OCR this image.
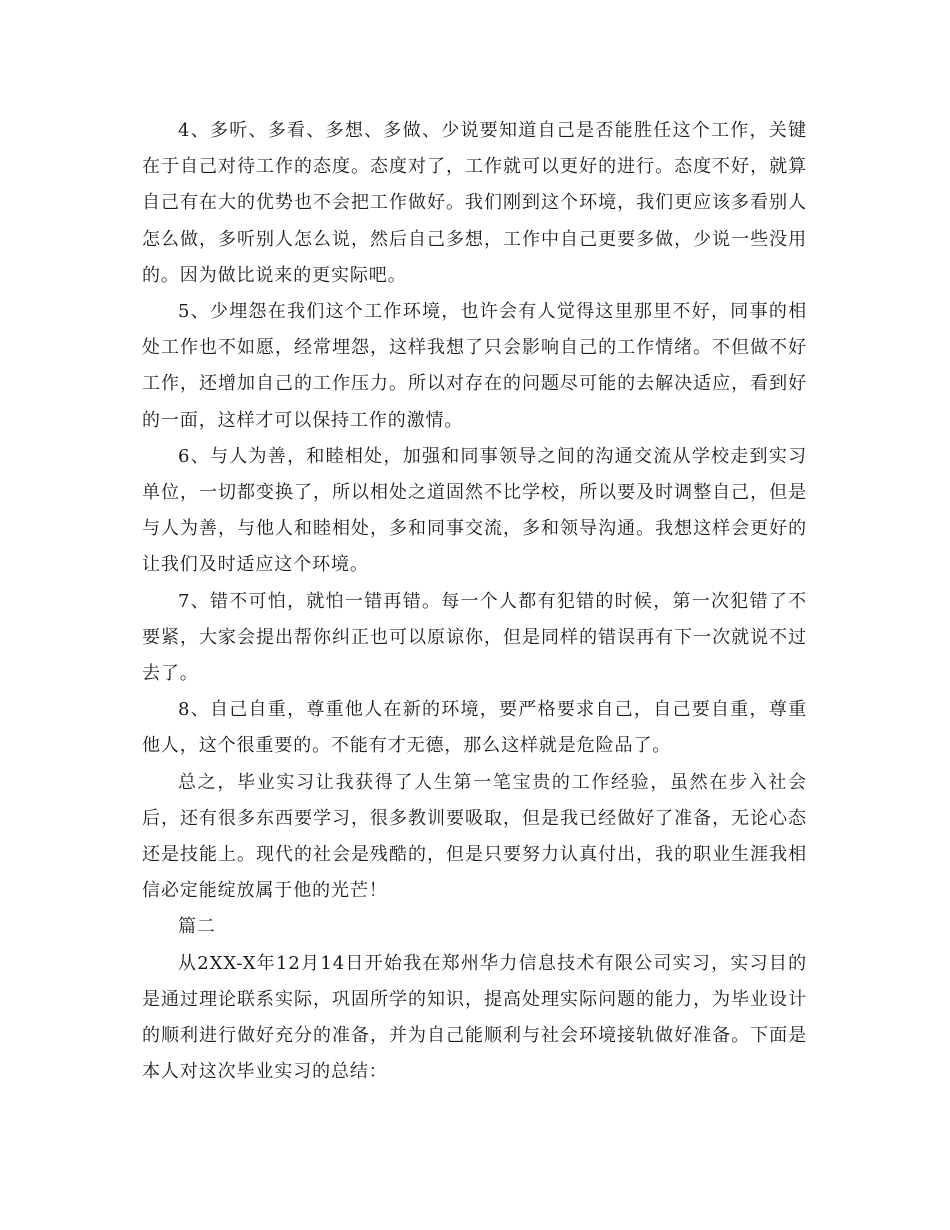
4、多听、多看、多想、多做、少说要知道自己是否能胜任这个工作，关键在于自己对待工作的态度。态度对了，工作就可以更好的进行。态度不好，就算自己有在大的优势也不会把工作做好。我们刚到这个环境，我们更应该多看别人怎么做，多听别人怎么说，然后自己多想，工作中自己更要多做，少说一些没用的。因为做比说来的更实际吧。

5、少埋怨在我们这个工作环境，也许会有人觉得这里那里不好，同事的相处工作也不如愿，经常埋怨，这样我想了只会影响自己的工作情绪。不但做不好工作，还增加自己的工作压力。所以对存在的问题尽可能的去解决适应，看到好的一面，这样才可以保持工作的激情。

6、与人为善，和睦相处，加强和同事领导之间的沟通交流从学校走到实习单位，一切都变换了，所以相处之道固然不比学校，所以要及时调整自己，但是与人为善，与他人和睦相处，多和同事交流，多和领导沟通。我想这样会更好的让我们及时适应这个环境。

7、错不可怕，就怕一错再错。每一个人都有犯错的时候，第一次犯错了不要紧，大家会提出帮你纠正也可以原谅你，但是同样的错误再有下一次就说不过去了。

8、自己自重，尊重他人在新的环境，要严格要求自己，自己要自重，尊重他人，这个很重要的。不能有才无德，那么这样就是危险品了。

总之，毕业实习让我获得了人生第一笔宝贵的工作经验，虽然在步入社会后，还有很多东西要学习，很多教训要吸取，但是我已经做好了准备，无论心态还是技能上。现代的社会是残酷的，但是只要努力认真付出，我的职业生涯我相信必定能绽放属于他的光芒！

篇二

从2XX-X年12月14日开始我在郑州华力信息技术有限公司实习，实习目的是通过理论联系实际，巩固所学的知识，提高处理实际问题的能力，为毕业设计的顺利进行做好充分的准备，并为自己能顺利与社会环境接轨做好准备。下面是本人对这次毕业实习的总结：
